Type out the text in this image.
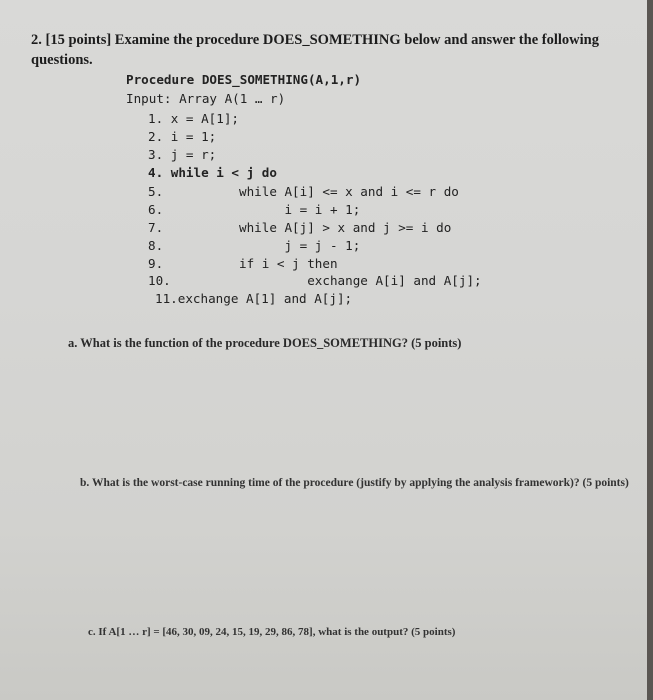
2. [15 points] Examine the procedure DOES_SOMETHING below and answer the following questions.
Procedure DOES_SOMETHING(A,1,r)
Input: Array A(1 … r)
1. x = A[1];
2. i = 1;
3. j = r;
4. while i < j do
5.          while A[i] <= x and i <= r do
6.                i = i + 1;
7.          while A[j] > x and j >= i do
8.                j = j - 1;
9.          if i < j then
10.                  exchange A[i] and A[j];
11.exchange A[1] and A[j];
a. What is the function of the procedure DOES_SOMETHING? (5 points)
b. What is the worst-case running time of the procedure (justify by applying the analysis framework)? (5 points)
c. If A[1 … r] = [46, 30, 09, 24, 15, 19, 29, 86, 78], what is the output? (5 points)
